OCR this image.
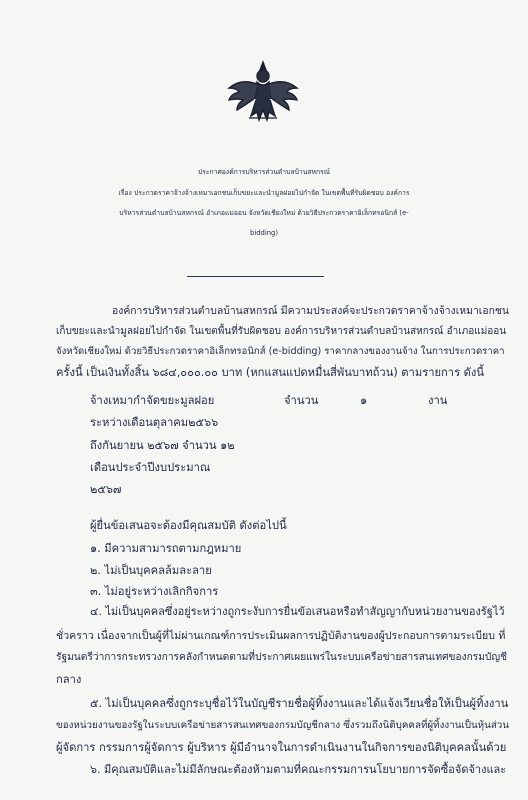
ประกาศองค์การบริหารส่วนตำบลบ้านสหกรณ์
เรื่อง ประกวดราคาจ้างจ้างเหมาเอกชนเก็บขยะและนำมูลฝอยไปกำจัด ในเขตพื้นที่รับผิดชอบ องค์การ
บริหารส่วนตำบลบ้านสหกรณ์ อำเภอแม่ออน จังหวัดเชียงใหม่ ด้วยวิธีประกวดราคาอิเล็กทรอนิกส์ (e-
bidding)
องค์การบริหารส่วนตำบลบ้านสหกรณ์ มีความประสงค์จะประกวดราคาจ้างจ้างเหมาเอกชน
เก็บขยะและนำมูลฝอยไปกำจัด ในเขตพื้นที่รับผิดชอบ องค์การบริหารส่วนตำบลบ้านสหกรณ์ อำเภอแม่ออน
จังหวัดเชียงใหม่ ด้วยวิธีประกวดราคาอิเล็กทรอนิกส์ (e-bidding) ราคากลางของงานจ้าง ในการประกวดราคา
ครั้งนี้ เป็นเงินทั้งสิ้น ๖๘๔,๐๐๐.๐๐ บาท (หกแสนแปดหมื่นสี่พันบาทถ้วน) ตามรายการ ดังนี้
จ้างเหมากำจัดขยะมูลฝอย	จำนวน	๑	งาน
ระหว่างเดือนตุลาคม๒๕๖๖
ถึงกันยายน ๒๕๖๗ จำนวน ๑๒
เดือนประจำปีงบประมาณ
๒๕๖๗
ผู้ยื่นข้อเสนอจะต้องมีคุณสมบัติ ดังต่อไปนี้
๑. มีความสามารถตามกฎหมาย
๒. ไม่เป็นบุคคลล้มละลาย
๓. ไม่อยู่ระหว่างเลิกกิจการ
๔. ไม่เป็นบุคคลซึ่งอยู่ระหว่างถูกระงับการยื่นข้อเสนอหรือทำสัญญากับหน่วยงานของรัฐไว้
ชั่วคราว เนื่องจากเป็นผู้ที่ไม่ผ่านเกณฑ์การประเมินผลการปฏิบัติงานของผู้ประกอบการตามระเบียบ ที่
รัฐมนตรีว่าการกระทรวงการคลังกำหนดตามที่ประกาศเผยแพร่ในระบบเครือข่ายสารสนเทศของกรมบัญชี
กลาง
๕. ไม่เป็นบุคคลซึ่งถูกระบุชื่อไว้ในบัญชีรายชื่อผู้ทิ้งงานและได้แจ้งเวียนชื่อให้เป็นผู้ทิ้งงาน
ของหน่วยงานของรัฐในระบบเครือข่ายสารสนเทศของกรมบัญชีกลาง ซึ่งรวมถึงนิติบุคคลที่ผู้ทิ้งงานเป็นหุ้นส่วน
ผู้จัดการ กรรมการผู้จัดการ ผู้บริหาร ผู้มีอำนาจในการดำเนินงานในกิจการของนิติบุคคลนั้นด้วย
๖. มีคุณสมบัติและไม่มีลักษณะต้องห้ามตามที่คณะกรรมการนโยบายการจัดซื้อจัดจ้างและ
